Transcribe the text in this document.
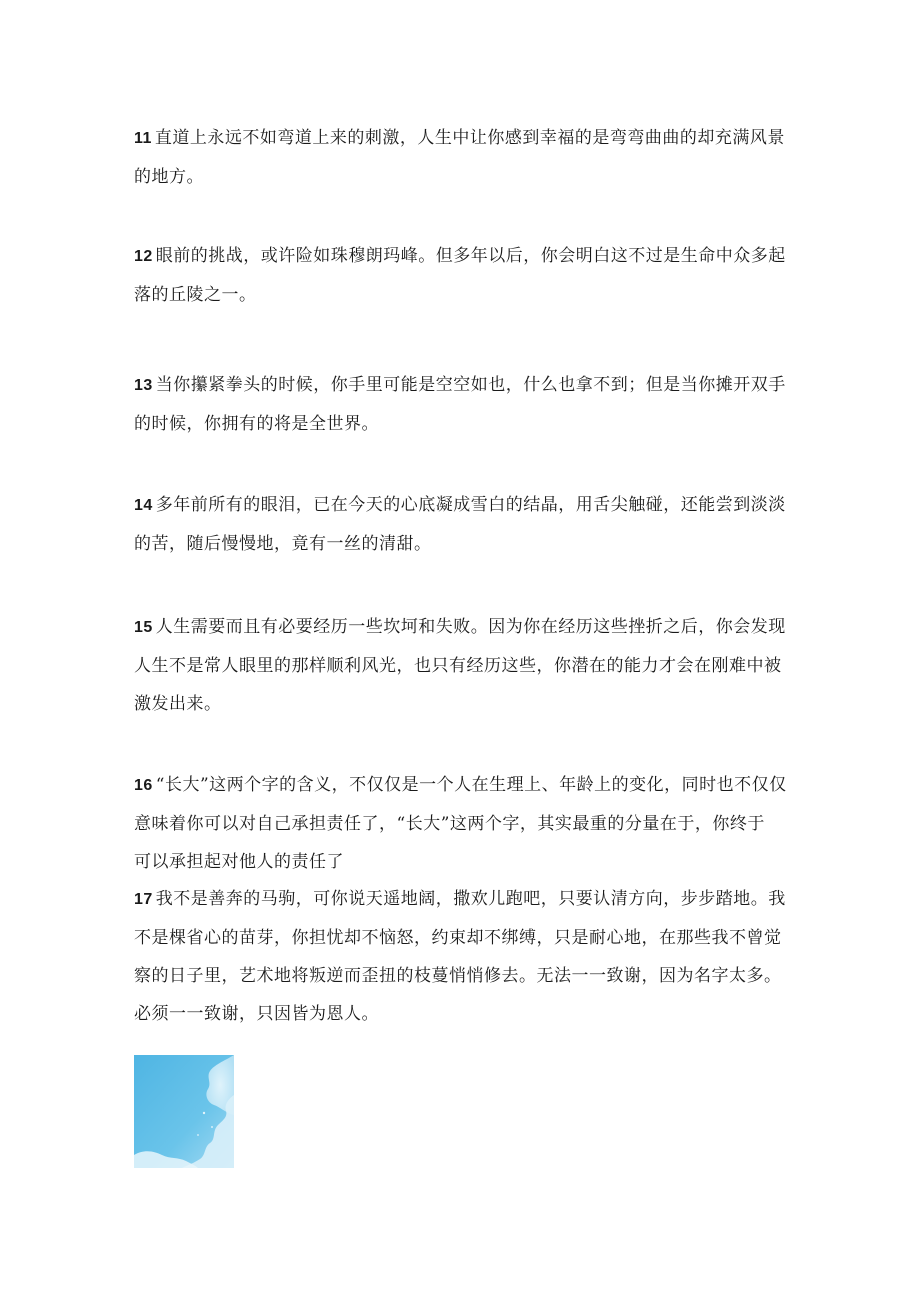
11 直道上永远不如弯道上来的刺激，人生中让你感到幸福的是弯弯曲曲的却充满风景
的地方。

12 眼前的挑战，或许险如珠穆朗玛峰。但多年以后，你会明白这不过是生命中众多起
落的丘陵之一。

13 当你攥紧拳头的时候，你手里可能是空空如也，什么也拿不到；但是当你摊开双手
的时候，你拥有的将是全世界。

14 多年前所有的眼泪，已在今天的心底凝成雪白的结晶，用舌尖触碰，还能尝到淡淡
的苦，随后慢慢地，竟有一丝的清甜。

15 人生需要而且有必要经历一些坎坷和失败。因为你在经历这些挫折之后，你会发现
人生不是常人眼里的那样顺利风光，也只有经历这些，你潜在的能力才会在刚难中被
激发出来。

16 “长大”这两个字的含义，不仅仅是一个人在生理上、年龄上的变化，同时也不仅仅
意味着你可以对自己承担责任了，“长大”这两个字，其实最重的分量在于，你终于
可以承担起对他人的责任了

17 我不是善奔的马驹，可你说天遥地阔，撒欢儿跑吧，只要认清方向，步步踏地。我
不是棵省心的苗芽，你担忧却不恼怒，约束却不绑缚，只是耐心地，在那些我不曾觉
察的日子里，艺术地将叛逆而歪扭的枝蔓悄悄修去。无法一一致谢，因为名字太多。
必须一一致谢，只因皆为恩人。
